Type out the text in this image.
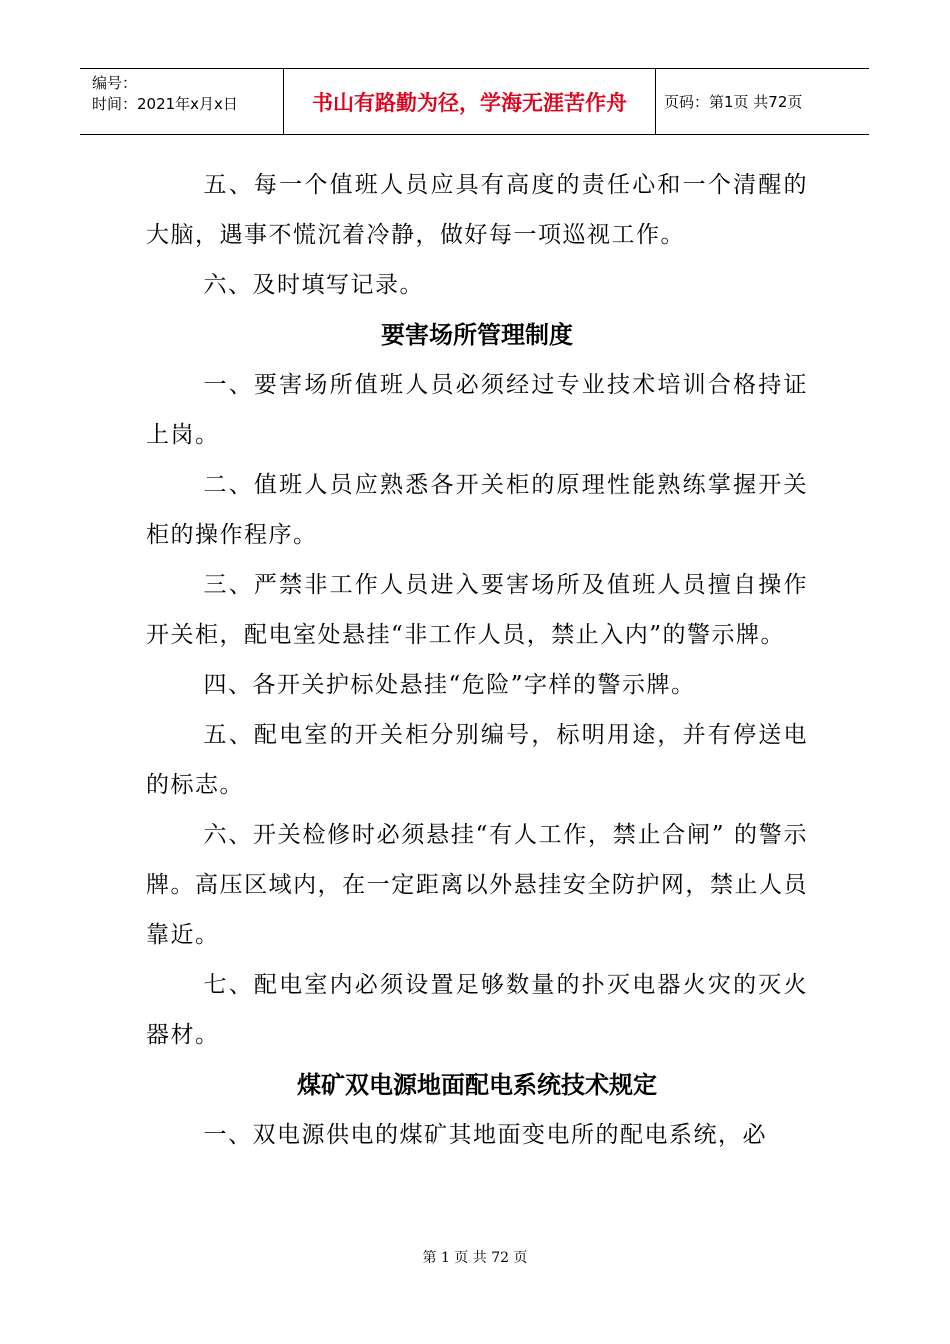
编号：
时间：2021年x月x日	书山有路勤为径，学海无涯苦作舟	页码：第1页 共72页

五、每一个值班人员应具有高度的责任心和一个清醒的大脑，遇事不慌沉着冷静，做好每一项巡视工作。

六、及时填写记录。

要害场所管理制度

一、要害场所值班人员必须经过专业技术培训合格持证上岗。

二、值班人员应熟悉各开关柜的原理性能熟练掌握开关柜的操作程序。

三、严禁非工作人员进入要害场所及值班人员擅自操作开关柜，配电室处悬挂“非工作人员，禁止入内”的警示牌。

四、各开关护标处悬挂“危险”字样的警示牌。

五、配电室的开关柜分别编号，标明用途，并有停送电的标志。

六、开关检修时必须悬挂“有人工作，禁止合闸” 的警示牌。高压区域内，在一定距离以外悬挂安全防护网，禁止人员靠近。

七、配电室内必须设置足够数量的扑灭电器火灾的灭火器材。

煤矿双电源地面配电系统技术规定

一、双电源供电的煤矿其地面变电所的配电系统，必

第 1 页 共 72 页
